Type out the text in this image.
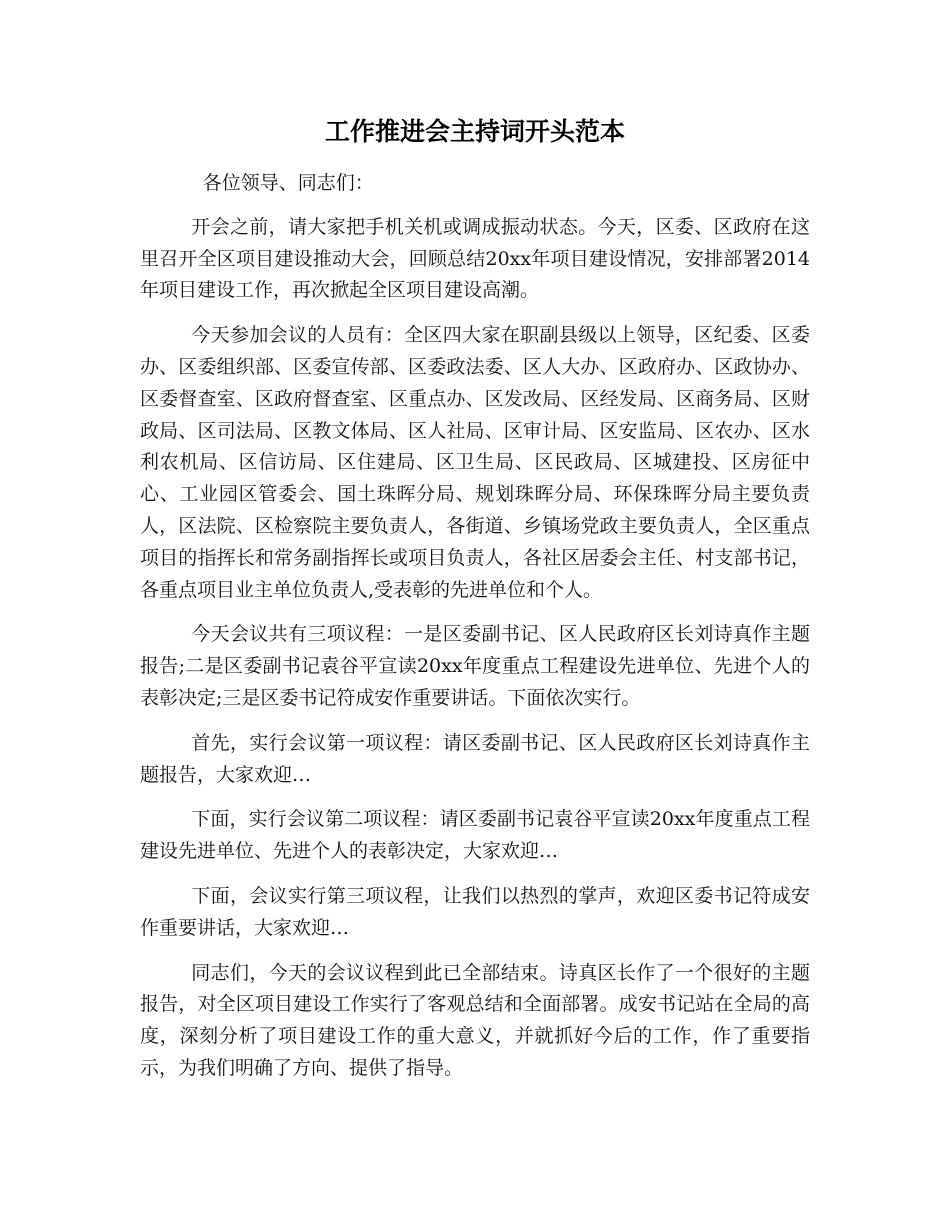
工作推进会主持词开头范本

各位领导、同志们：

开会之前，请大家把手机关机或调成振动状态。今天，区委、区政府在这里召开全区项目建设推动大会，回顾总结20xx年项目建设情况，安排部署2014年项目建设工作，再次掀起全区项目建设高潮。

今天参加会议的人员有：全区四大家在职副县级以上领导，区纪委、区委办、区委组织部、区委宣传部、区委政法委、区人大办、区政府办、区政协办、区委督查室、区政府督查室、区重点办、区发改局、区经发局、区商务局、区财政局、区司法局、区教文体局、区人社局、区审计局、区安监局、区农办、区水利农机局、区信访局、区住建局、区卫生局、区民政局、区城建投、区房征中心、工业园区管委会、国土珠晖分局、规划珠晖分局、环保珠晖分局主要负责人，区法院、区检察院主要负责人，各街道、乡镇场党政主要负责人，全区重点项目的指挥长和常务副指挥长或项目负责人，各社区居委会主任、村支部书记，各重点项目业主单位负责人,受表彰的先进单位和个人。

今天会议共有三项议程：一是区委副书记、区人民政府区长刘诗真作主题报告;二是区委副书记袁谷平宣读20xx年度重点工程建设先进单位、先进个人的表彰决定;三是区委书记符成安作重要讲话。下面依次实行。

首先，实行会议第一项议程：请区委副书记、区人民政府区长刘诗真作主题报告，大家欢迎…

下面，实行会议第二项议程：请区委副书记袁谷平宣读20xx年度重点工程建设先进单位、先进个人的表彰决定，大家欢迎…

下面，会议实行第三项议程，让我们以热烈的掌声，欢迎区委书记符成安作重要讲话，大家欢迎…

同志们，今天的会议议程到此已全部结束。诗真区长作了一个很好的主题报告，对全区项目建设工作实行了客观总结和全面部署。成安书记站在全局的高度，深刻分析了项目建设工作的重大意义，并就抓好今后的工作，作了重要指示，为我们明确了方向、提供了指导。
